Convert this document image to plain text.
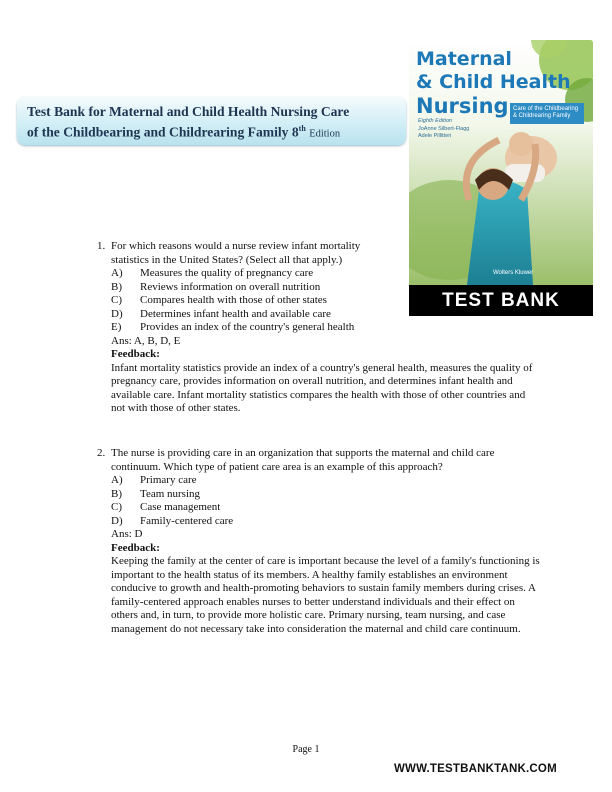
Test Bank for Maternal and Child Health Nursing Care
of the Childbearing and Childrearing Family 8th Edition
Maternal
& Child Health
Nursing Care of the Childbearing & Childrearing Family
Eighth Edition
JoAnne Silbert-Flagg
Adele Pillitteri
Wolters Kluwer
TEST BANK
1. For which reasons would a nurse review infant mortality statistics in the United States? (Select all that apply.)
A)	Measures the quality of pregnancy care
B)	Reviews information on overall nutrition
C)	Compares health with those of other states
D)	Determines infant health and available care
E)	Provides an index of the country's general health
Ans: A, B, D, E
Feedback:
Infant mortality statistics provide an index of a country's general health, measures the quality of pregnancy care, provides information on overall nutrition, and determines infant health and available care. Infant mortality statistics compares the health with those of other countries and not with those of other states.
2. The nurse is providing care in an organization that supports the maternal and child care continuum. Which type of patient care area is an example of this approach?
A)	Primary care
B)	Team nursing
C)	Case management
D)	Family-centered care
Ans: D
Feedback:
Keeping the family at the center of care is important because the level of a family's functioning is important to the health status of its members. A healthy family establishes an environment conducive to growth and health-promoting behaviors to sustain family members during crises. A family-centered approach enables nurses to better understand individuals and their effect on others and, in turn, to provide more holistic care. Primary nursing, team nursing, and case management do not necessary take into consideration the maternal and child care continuum.
Page 1
WWW.TESTBANKTANK.COM
